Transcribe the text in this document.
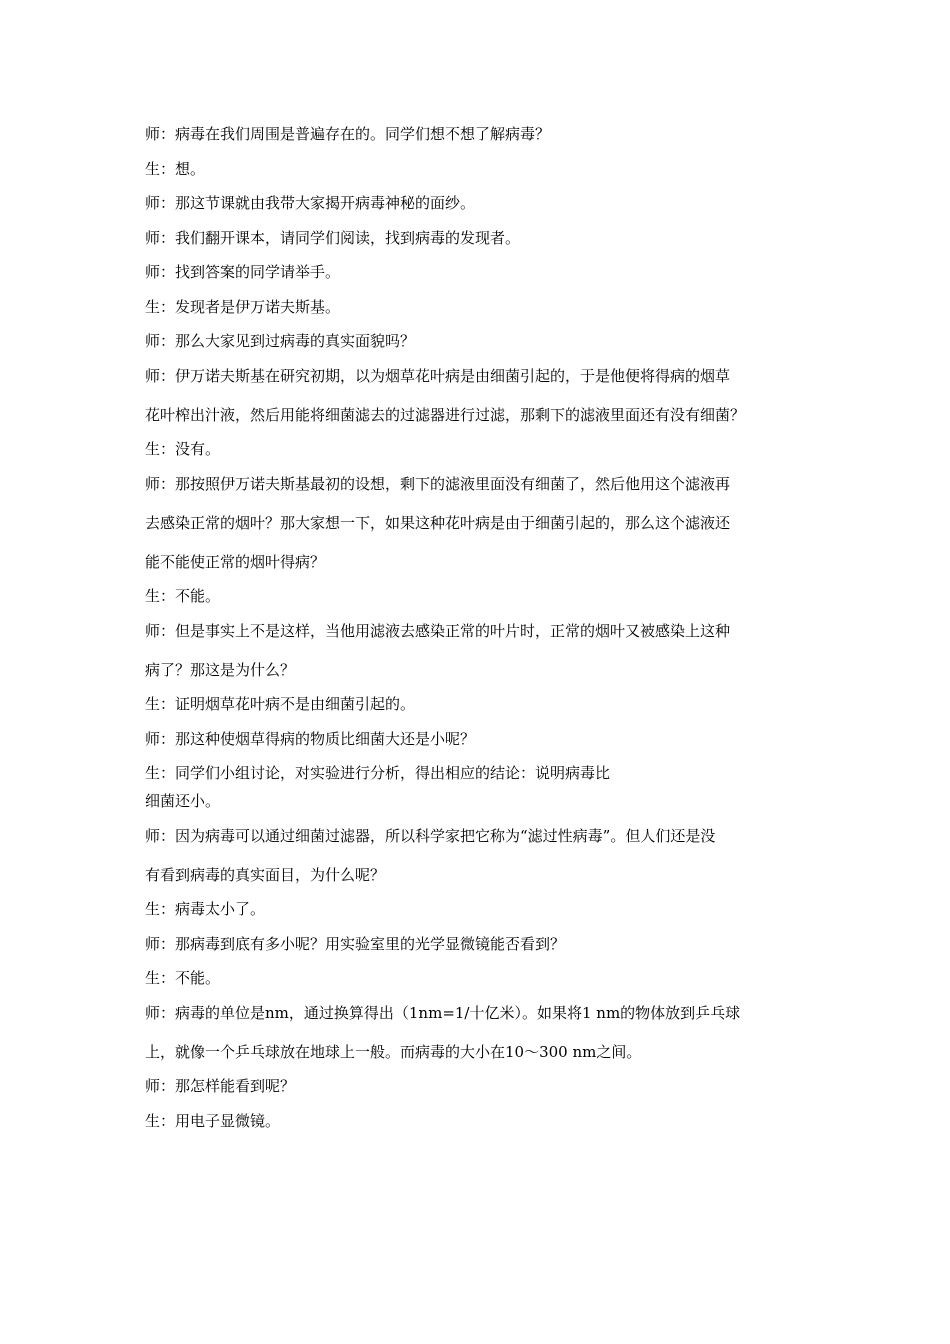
师：病毒在我们周围是普遍存在的。同学们想不想了解病毒？

生：想。

师：那这节课就由我带大家揭开病毒神秘的面纱。

师：我们翻开课本，请同学们阅读，找到病毒的发现者。

师：找到答案的同学请举手。

生：发现者是伊万诺夫斯基。

师：那么大家见到过病毒的真实面貌吗？

师：伊万诺夫斯基在研究初期，以为烟草花叶病是由细菌引起的，于是他便将得病的烟草

花叶榨出汁液，然后用能将细菌滤去的过滤器进行过滤，那剩下的滤液里面还有没有细菌？

生：没有。

师：那按照伊万诺夫斯基最初的设想，剩下的滤液里面没有细菌了，然后他用这个滤液再

去感染正常的烟叶？那大家想一下，如果这种花叶病是由于细菌引起的，那么这个滤液还

能不能使正常的烟叶得病？

生：不能。

师：但是事实上不是这样，当他用滤液去感染正常的叶片时，正常的烟叶又被感染上这种

病了？那这是为什么？

生：证明烟草花叶病不是由细菌引起的。

师：那这种使烟草得病的物质比细菌大还是小呢？

生：同学们小组讨论，对实验进行分析，得出相应的结论：说明病毒比

细菌还小。

师：因为病毒可以通过细菌过滤器，所以科学家把它称为“滤过性病毒”。但人们还是没

有看到病毒的真实面目，为什么呢？

生：病毒太小了。

师：那病毒到底有多小呢？用实验室里的光学显微镜能否看到？

生：不能。

师：病毒的单位是nm，通过换算得出（1nm=1/十亿米）。如果将1 nm的物体放到乒乓球

上，就像一个乒乓球放在地球上一般。而病毒的大小在10～300 nm之间。

师：那怎样能看到呢？

生：用电子显微镜。
